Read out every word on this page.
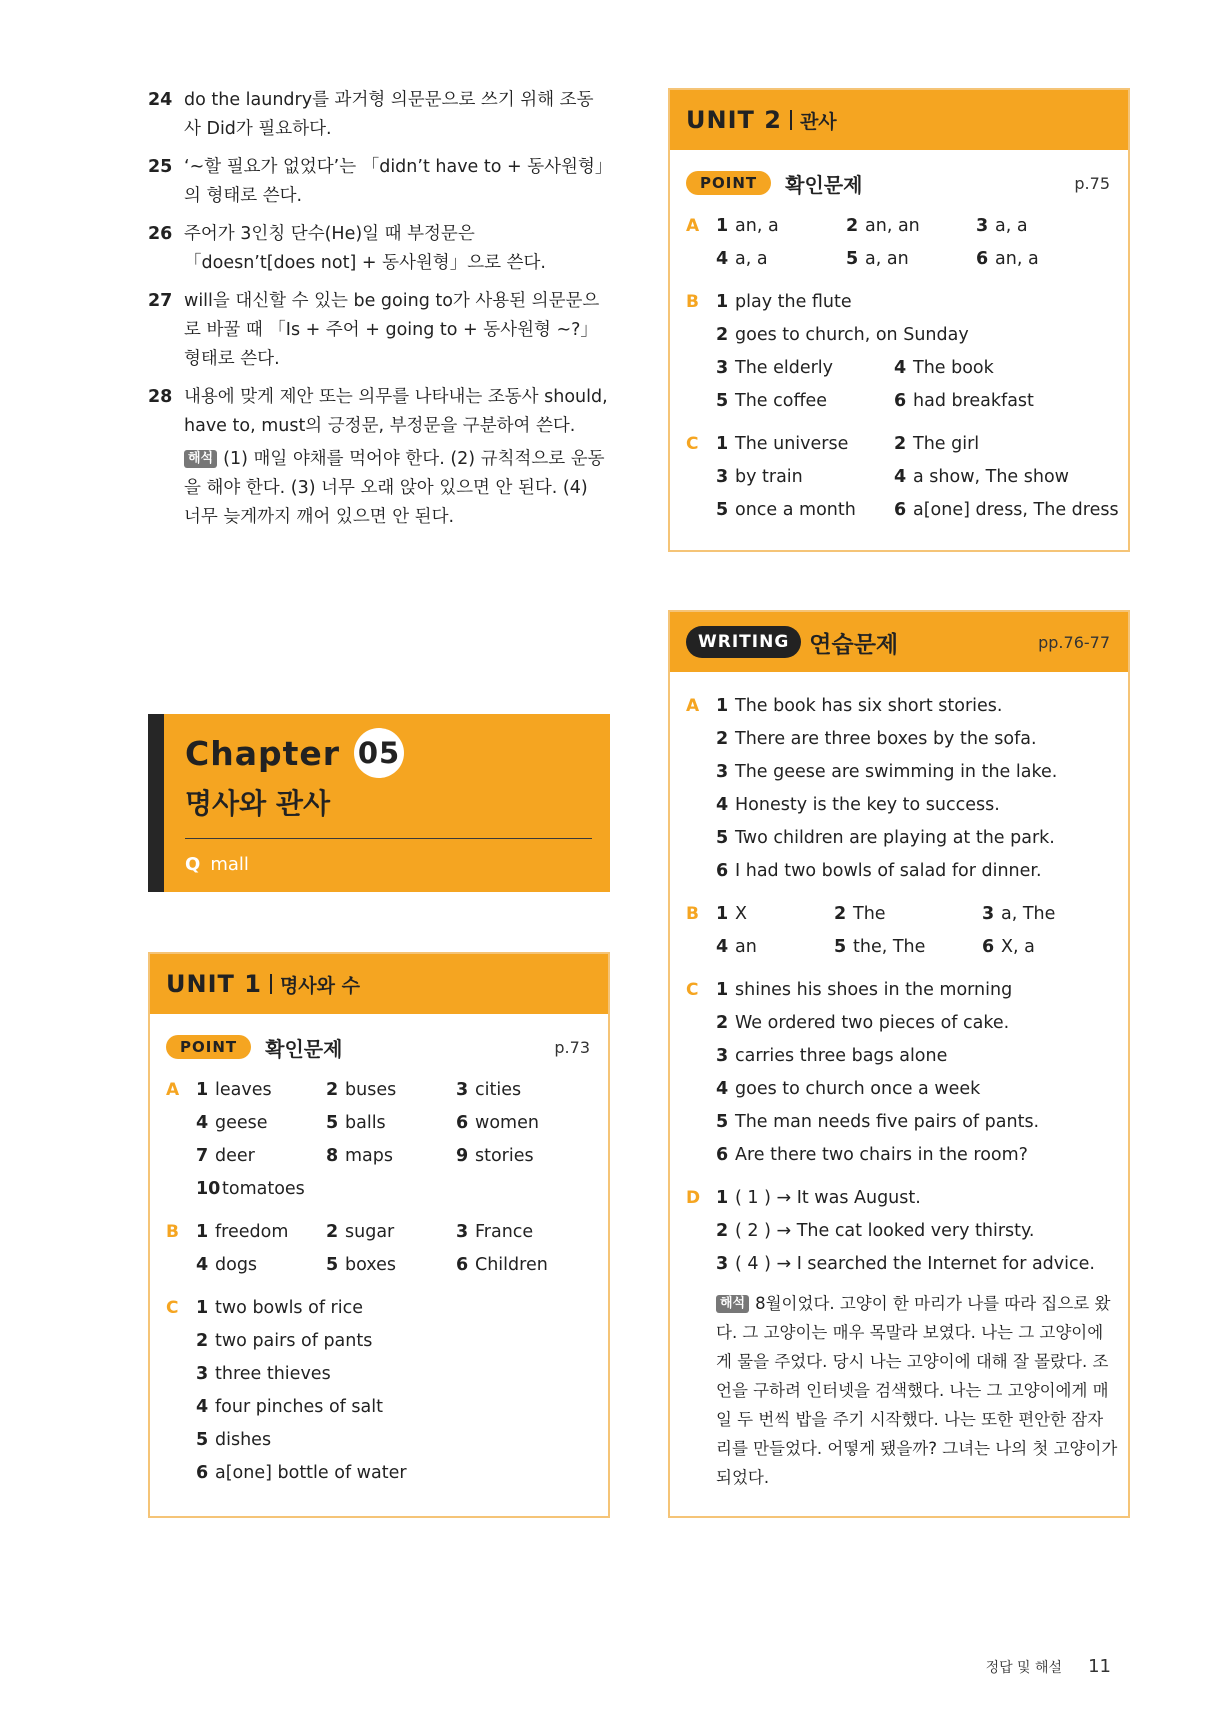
24 do the laundry를 과거형 의문문으로 쓰기 위해 조동사 Did가 필요하다.
25 ‘~할 필요가 없었다’는 「didn’t have to + 동사원형」의 형태로 쓴다.
26 주어가 3인칭 단수(He)일 때 부정문은 「doesn’t[does not] + 동사원형」으로 쓴다.
27 will을 대신할 수 있는 be going to가 사용된 의문문으로 바꿀 때 「Is + 주어 + going to + 동사원형 ~?」 형태로 쓴다.
28 내용에 맞게 제안 또는 의무를 나타내는 조동사 should, have to, must의 긍정문, 부정문을 구분하여 쓴다.
해석 (1) 매일 야채를 먹어야 한다. (2) 규칙적으로 운동을 해야 한다. (3) 너무 오래 앉아 있으면 안 된다. (4) 너무 늦게까지 깨어 있으면 안 된다.
Chapter 05
명사와 관사
Q mall
UNIT 1 명사와 수
POINT	확인문제	p.73
A 1 leaves	2 buses	3 cities
4 geese	5 balls	6 women
7 deer	8 maps	9 stories
10 tomatoes
B 1 freedom 2 sugar	3 France
4 dogs	5 boxes	6 Children
C 1 two bowls of rice
2 two pairs of pants
3 three thieves
4 four pinches of salt
5 dishes
6 a[one] bottle of water
UNIT 2 관사
POINT	확인문제	p.75
A 1 an, a	2 an, an	3 a, a
4 a, a	5 a, an	6 an, a
B 1 play the flute
2 goes to church, on Sunday
3 The elderly	4 The book
5 The coffee	6 had breakfast
C 1 The universe	2 The girl
3 by train	4 a show, The show
5 once a month 6 a[one] dress, The dress
WRITING 연습문제	pp.76-77
A 1 The book has six short stories.
2 There are three boxes by the sofa.
3 The geese are swimming in the lake.
4 Honesty is the key to success.
5 Two children are playing at the park.
6 I had two bowls of salad for dinner.
B 1 X	2 The	3 a, The
4 an	5 the, The	6 X, a
C 1 shines his shoes in the morning
2 We ordered two pieces of cake.
3 carries three bags alone
4 goes to church once a week
5 The man needs five pairs of pants.
6 Are there two chairs in the room?
D 1 ( 1 ) → It was August.
2 ( 2 ) → The cat looked very thirsty.
3 ( 4 ) → I searched the Internet for advice.
해석 8월이었다. 고양이 한 마리가 나를 따라 집으로 왔다. 그 고양이는 매우 목말라 보였다. 나는 그 고양이에게 물을 주었다. 당시 나는 고양이에 대해 잘 몰랐다. 조언을 구하려 인터넷을 검색했다. 나는 그 고양이에게 매일 두 번씩 밥을 주기 시작했다. 나는 또한 편안한 잠자리를 만들었다. 어떻게 됐을까? 그녀는 나의 첫 고양이가 되었다.
정답 및 해설 11
